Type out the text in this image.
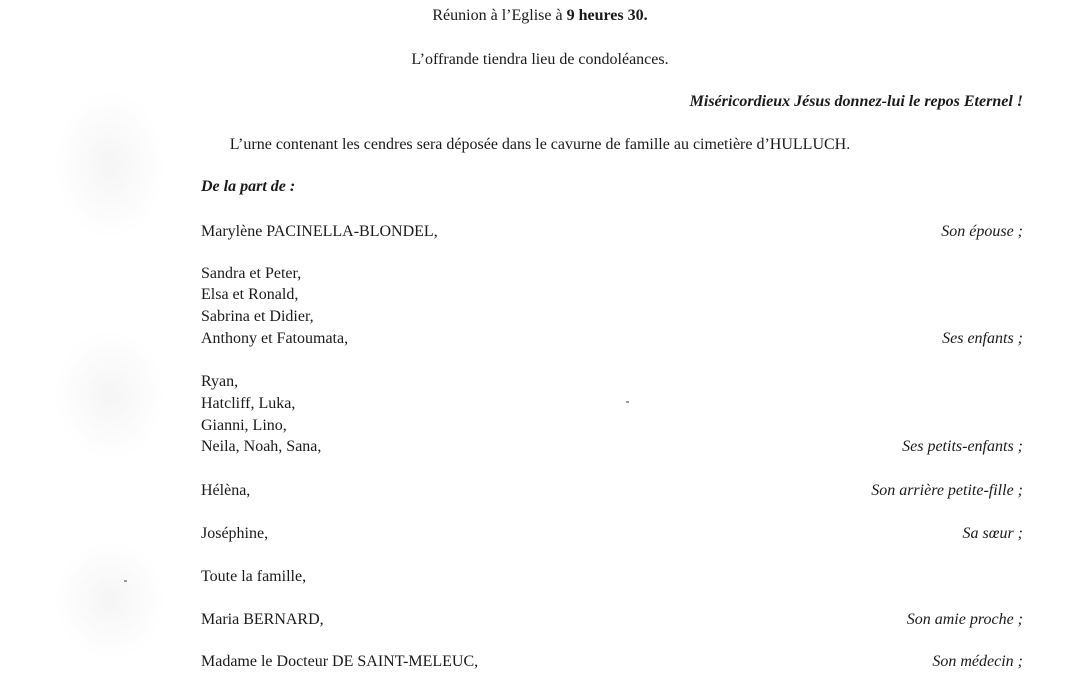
Réunion à l’Eglise à 9 heures 30.
L’offrande tiendra lieu de condoléances.
Miséricordieux Jésus donnez-lui le repos Eternel !
L’urne contenant les cendres sera déposée dans le cavurne de famille au cimetière d’HULLUCH.
De la part de :
Marylène PACINELLA-BLONDEL,	Son épouse ;
Sandra et Peter,
Elsa et Ronald,
Sabrina et Didier,
Anthony et Fatoumata,	Ses enfants ;
Ryan,
Hatcliff, Luka,
Gianni, Lino,
Neila, Noah, Sana,	Ses petits-enfants ;
Hélèna,	Son arrière petite-fille ;
Joséphine,	Sa sœur ;
Toute la famille,
Maria BERNARD,	Son amie proche ;
Madame le Docteur DE SAINT-MELEUC,	Son médecin ;
